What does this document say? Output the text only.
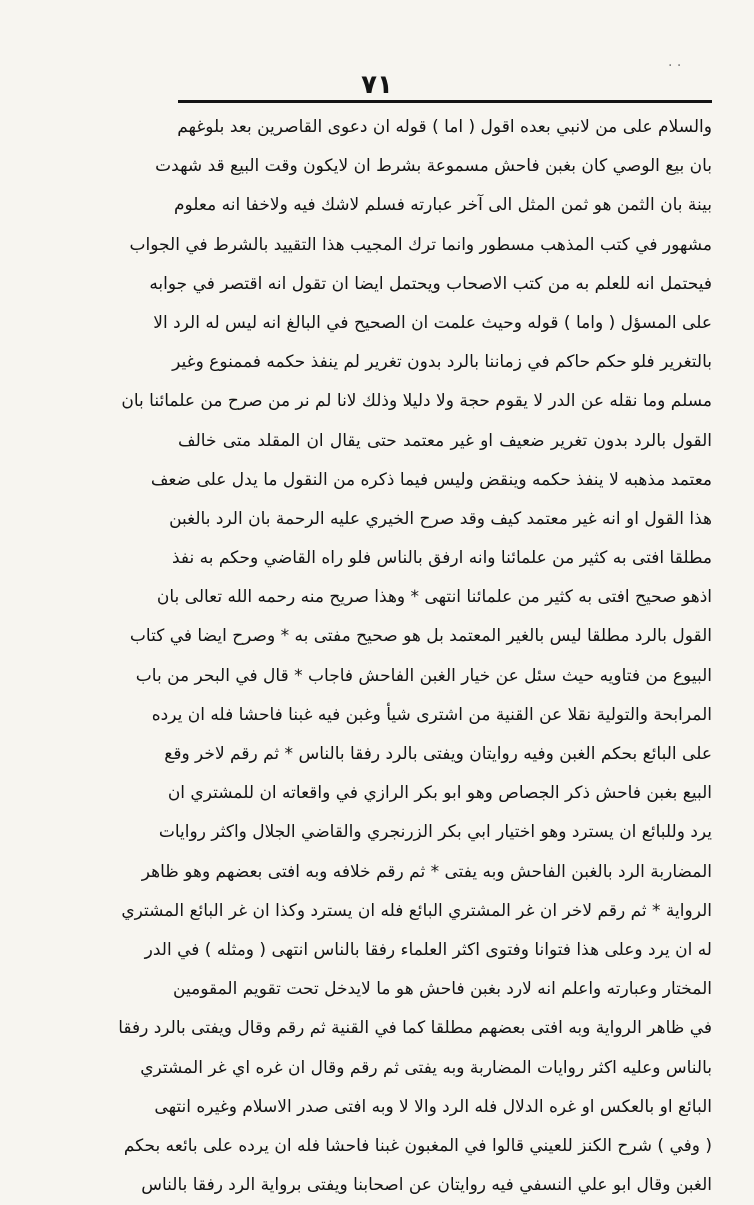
· ·
٧١
والسلام على من لانبي بعده اقول ( اما ) قوله ان دعوى القاصرين بعد بلوغهم
بان بيع الوصي كان بغبن فاحش مسموعة بشرط ان لايكون وقت البيع قد شهدت
بينة بان الثمن هو ثمن المثل الى آخر عبارته فسلم لاشك فيه ولاخفا انه معلوم
مشهور في كتب المذهب مسطور وانما ترك المجيب هذا التقييد بالشرط في الجواب
فيحتمل انه للعلم به من كتب الاصحاب ويحتمل ايضا ان تقول انه اقتصر في جوابه
على المسؤل ( واما ) قوله وحيث علمت ان الصحيح في البالغ انه ليس له الرد الا
بالتغرير فلو حكم حاكم في زماننا بالرد بدون تغرير لم ينفذ حكمه فممنوع وغير
مسلم وما نقله عن الدر لا يقوم حجة ولا دليلا وذلك لانا لم نر من صرح من علمائنا بان
القول بالرد بدون تغرير ضعيف او غير معتمد حتى يقال ان المقلد متى خالف
معتمد مذهبه لا ينفذ حكمه وينقض وليس فيما ذكره من النقول ما يدل على ضعف
هذا القول او انه غير معتمد كيف وقد صرح الخيري عليه الرحمة بان الرد بالغبن
مطلقا افتى به كثير من علمائنا وانه ارفق بالناس فلو راه القاضي وحكم به نفذ
اذهو صحيح افتى به كثير من علمائنا انتهى * وهذا صريح منه رحمه الله تعالى بان
القول بالرد مطلقا ليس بالغير المعتمد بل هو صحيح مفتى به * وصرح ايضا في كتاب
البيوع من فتاويه حيث سئل عن خيار الغبن الفاحش فاجاب * قال في البحر من باب
المرابحة والتولية نقلا عن القنية من اشترى شيأ وغبن فيه غبنا فاحشا فله ان يرده
على البائع بحكم الغبن وفيه روايتان ويفتى بالرد رفقا بالناس * ثم رقم لاخر وقع
البيع بغبن فاحش ذكر الجصاص وهو ابو بكر الرازي في واقعاته ان للمشتري ان
يرد وللبائع ان يسترد وهو اختيار ابي بكر الزرنجري والقاضي الجلال واكثر روايات
المضاربة الرد بالغبن الفاحش وبه يفتى * ثم رقم خلافه وبه افتى بعضهم وهو ظاهر
الرواية * ثم رقم لاخر ان غر المشتري البائع فله ان يسترد وكذا ان غر البائع المشتري
له ان يرد وعلى هذا فتوانا وفتوى اكثر العلماء رفقا بالناس انتهى ( ومثله ) في الدر
المختار وعبارته واعلم انه لارد بغبن فاحش هو ما لايدخل تحت تقويم المقومين
في ظاهر الرواية وبه افتى بعضهم مطلقا كما في القنية ثم رقم وقال ويفتى بالرد رفقا
بالناس وعليه اكثر روايات المضاربة وبه يفتى ثم رقم وقال ان غره اي غر المشتري
البائع او بالعكس او غره الدلال فله الرد والا لا وبه افتى صدر الاسلام وغيره انتهى
( وفي ) شرح الكنز للعيني قالوا في المغبون غبنا فاحشا فله ان يرده على بائعه بحكم
الغبن وقال ابو علي النسفي فيه روايتان عن اصحابنا ويفتى برواية الرد رفقا بالناس
